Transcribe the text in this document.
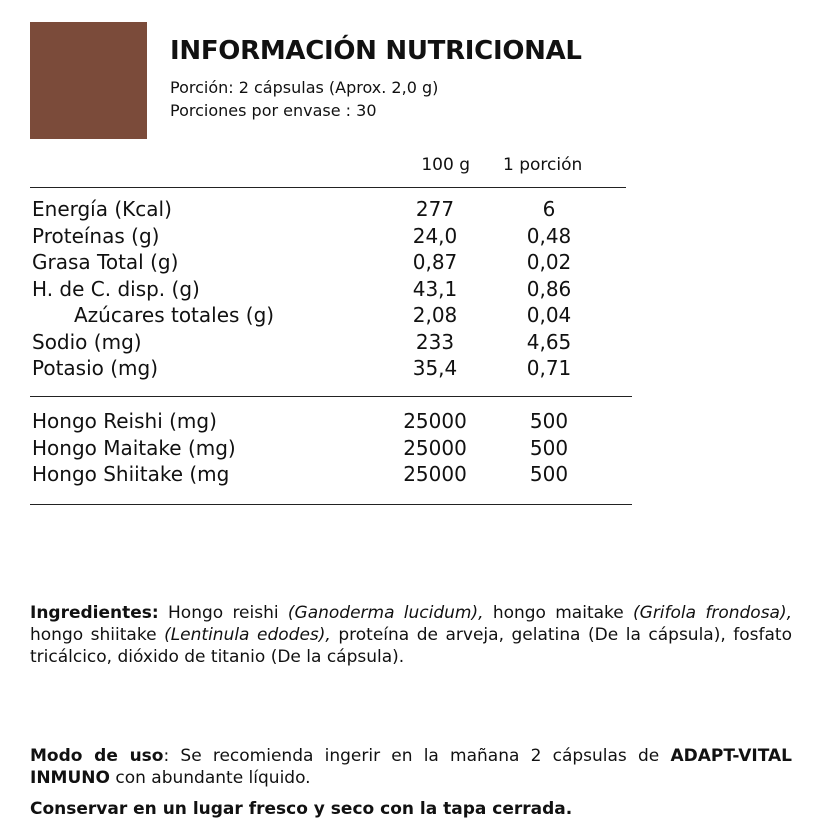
INFORMACIÓN NUTRICIONAL
Porción: 2 cápsulas (Aprox. 2,0 g)
Porciones por envase : 30
100 g 1 porción
Energía (Kcal)	277	6
Proteínas (g)	24,0	0,48
Grasa Total (g)	0,87	0,02
H. de C. disp. (g)	43,1	0,86
Azúcares totales (g)	2,08	0,04
Sodio (mg)	233	4,65
Potasio (mg)	35,4	0,71
Hongo Reishi (mg)	25000	500
Hongo Maitake (mg)	25000	500
Hongo Shiitake (mg	25000	500
Ingredientes: Hongo reishi (Ganoderma lucidum), hongo maitake (Grifola frondosa), hongo shiitake (Lentinula edodes), proteína de arveja, gelatina (De la cápsula), fosfato tricálcico, dióxido de titanio (De la cápsula).
Modo de uso: Se recomienda ingerir en la mañana 2 cápsulas de ADAPT-VITAL INMUNO con abundante líquido.
Conservar en un lugar fresco y seco con la tapa cerrada.
